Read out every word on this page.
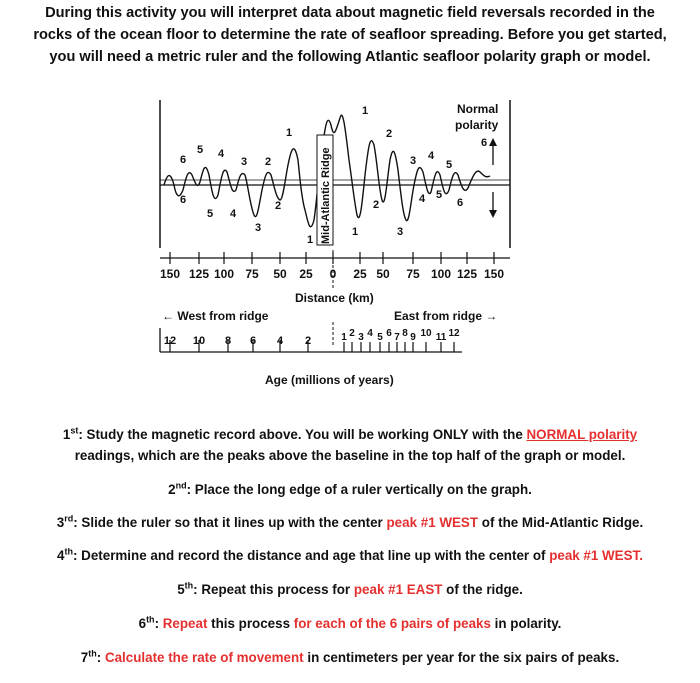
During this activity you will interpret data about magnetic field reversals recorded in the
rocks of the ocean floor to determine the rate of seafloor spreading. Before you get started,
you will need a metric ruler and the following Atlantic seafloor polarity graph or model.
Mid-Atlantic Ridge
Normal
polarity
6
5 4
3 2
1
1
2
3 4
5
6
6
5 4
3
2
1
1
2
3
4 5
6
150 125 100 75 50 25 0 25 50 75 100 125 150
Distance (km)
← West from ridge	East from ridge →
12 10 8 6 4 2	1 2 3 4 5 6 7 8 9 10 11 12
Age (millions of years)
1st: Study the magnetic record above. You will be working ONLY with the NORMAL polarity
readings, which are the peaks above the baseline in the top half of the graph or model.
2nd: Place the long edge of a ruler vertically on the graph.
3rd: Slide the ruler so that it lines up with the center peak #1 WEST of the Mid-Atlantic Ridge.
4th: Determine and record the distance and age that line up with the center of peak #1 WEST.
5th: Repeat this process for peak #1 EAST of the ridge.
6th: Repeat this process for each of the 6 pairs of peaks in polarity.
7th: Calculate the rate of movement in centimeters per year for the six pairs of peaks.
